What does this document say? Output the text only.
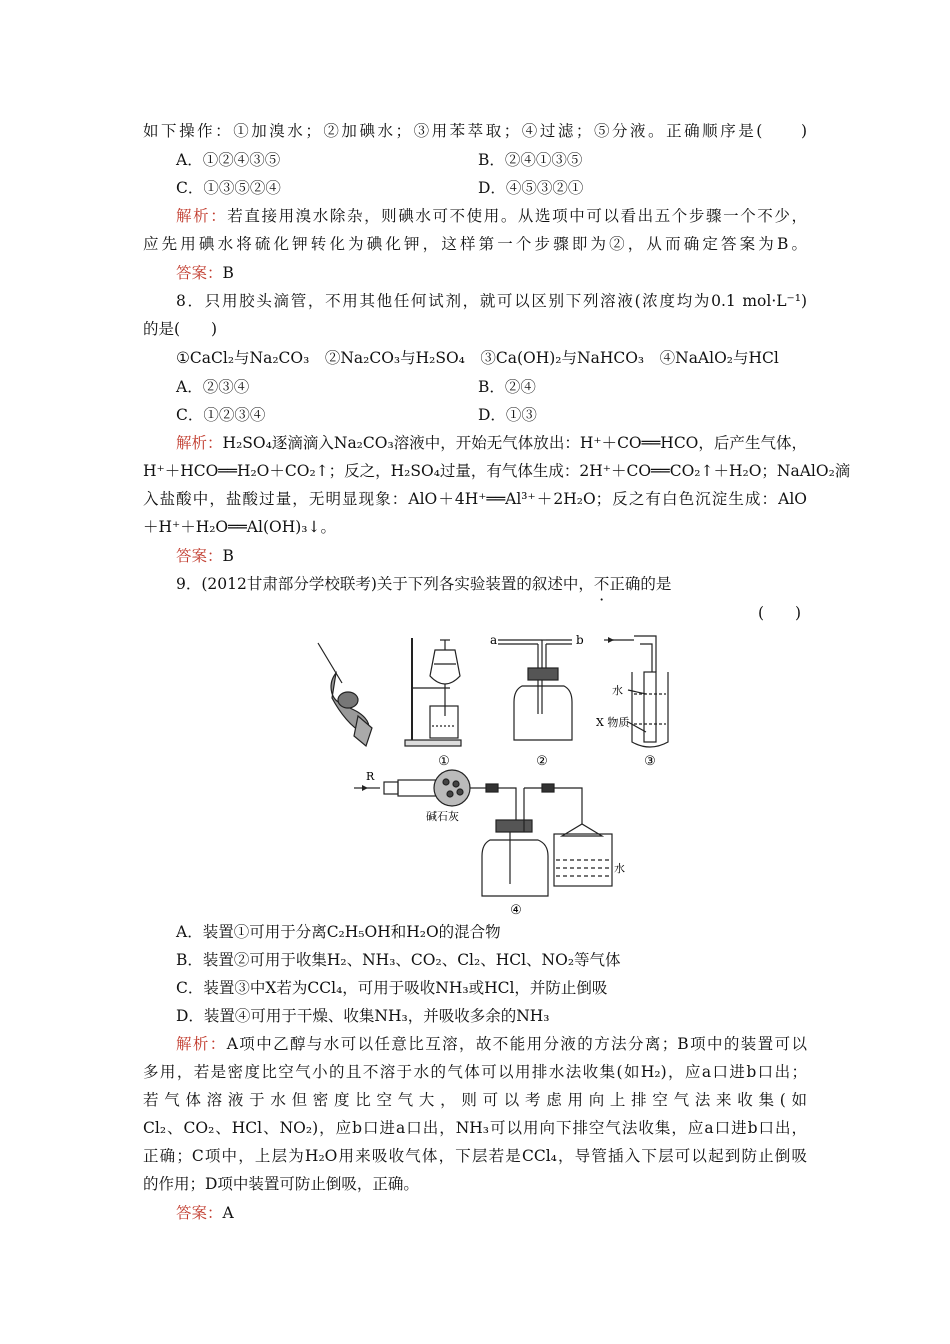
如下操作：①加溴水；②加碘水；③用苯萃取；④过滤；⑤分液。正确顺序是(　　)
A．①②④③⑤	B．②④①③⑤
C．①③⑤②④	D．④⑤③②①
解析：若直接用溴水除杂，则碘水可不使用。从选项中可以看出五个步骤一个不少，
应先用碘水将硫化钾转化为碘化钾，这样第一个步骤即为②，从而确定答案为B。
答案：B
8．只用胶头滴管，不用其他任何试剂，就可以区别下列溶液(浓度均为0.1 mol·L⁻¹)
的是(　　)
①CaCl₂与Na₂CO₃　②Na₂CO₃与H₂SO₄　③Ca(OH)₂与NaHCO₃　④NaAlO₂与HCl
A．②③④	B．②④
C．①②③④	D．①③
解析：H₂SO₄逐滴滴入Na₂CO₃溶液中，开始无气体放出：H⁺＋CO══HCO，后产生气体，
H⁺＋HCO══H₂O＋CO₂↑；反之，H₂SO₄过量，有气体生成：2H⁺＋CO══CO₂↑＋H₂O；NaAlO₂滴
入盐酸中，盐酸过量，无明显现象：AlO＋4H⁺══Al³⁺＋2H₂O；反之有白色沉淀生成：AlO
＋H⁺＋H₂O══Al(OH)₃↓。
答案：B
9．(2012甘肃部分学校联考)关于下列各实验装置的叙述中，不正确的是
(　　)
①	②	③
a	b
水
X 物质
R
碱石灰
水
④
A．装置①可用于分离C₂H₅OH和H₂O的混合物
B．装置②可用于收集H₂、NH₃、CO₂、Cl₂、HCl、NO₂等气体
C．装置③中X若为CCl₄，可用于吸收NH₃或HCl，并防止倒吸
D．装置④可用于干燥、收集NH₃，并吸收多余的NH₃
解析：A项中乙醇与水可以任意比互溶，故不能用分液的方法分离；B项中的装置可以
多用，若是密度比空气小的且不溶于水的气体可以用排水法收集(如H₂)，应a口进b口出；
若气体溶液于水但密度比空气大，则可以考虑用向上排空气法来收集(如
Cl₂、CO₂、HCl、NO₂)，应b口进a口出，NH₃可以用向下排空气法收集，应a口进b口出，
正确；C项中，上层为H₂O用来吸收气体，下层若是CCl₄，导管插入下层可以起到防止倒吸
的作用；D项中装置可防止倒吸，正确。
答案：A
